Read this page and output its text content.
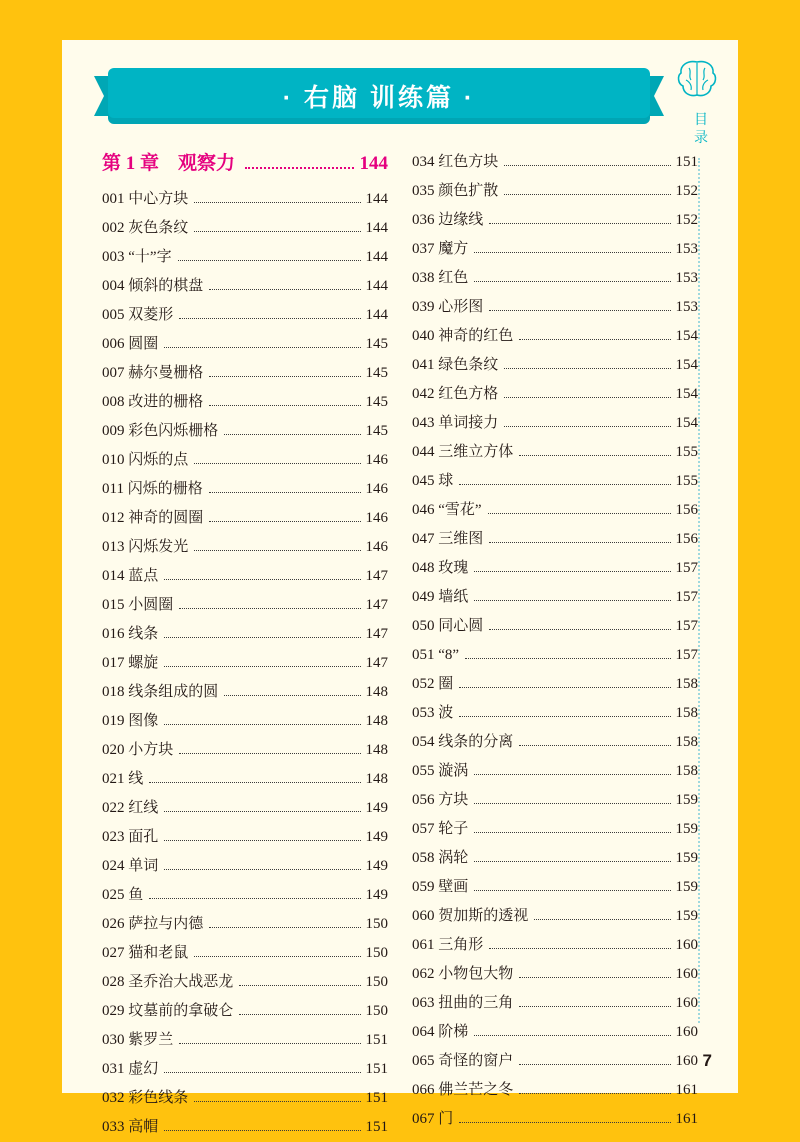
· 右脑 训练篇 ·
目录
第 1 章　观察力	144
001 中心方块	144
002 灰色条纹	144
003 “十”字	144
004 倾斜的棋盘	144
005 双菱形	144
006 圆圈	145
007 赫尔曼栅格	145
008 改进的栅格	145
009 彩色闪烁栅格	145
010 闪烁的点	146
011 闪烁的栅格	146
012 神奇的圆圈	146
013 闪烁发光	146
014 蓝点	147
015 小圆圈	147
016 线条	147
017 螺旋	147
018 线条组成的圆	148
019 图像	148
020 小方块	148
021 线	148
022 红线	149
023 面孔	149
024 单词	149
025 鱼	149
026 萨拉与内德	150
027 猫和老鼠	150
028 圣乔治大战恶龙	150
029 坟墓前的拿破仑	150
030 紫罗兰	151
031 虚幻	151
032 彩色线条	151
033 高帽	151
034 红色方块	151
035 颜色扩散	152
036 边缘线	152
037 魔方	153
038 红色	153
039 心形图	153
040 神奇的红色	154
041 绿色条纹	154
042 红色方格	154
043 单词接力	154
044 三维立方体	155
045 球	155
046 “雪花”	156
047 三维图	156
048 玫瑰	157
049 墙纸	157
050 同心圆	157
051 “8”	157
052 圈	158
053 波	158
054 线条的分离	158
055 漩涡	158
056 方块	159
057 轮子	159
058 涡轮	159
059 壁画	159
060 贺加斯的透视	159
061 三角形	160
062 小物包大物	160
063 扭曲的三角	160
064 阶梯	160
065 奇怪的窗户	160
066 佛兰芒之冬	161
067 门	161
7
